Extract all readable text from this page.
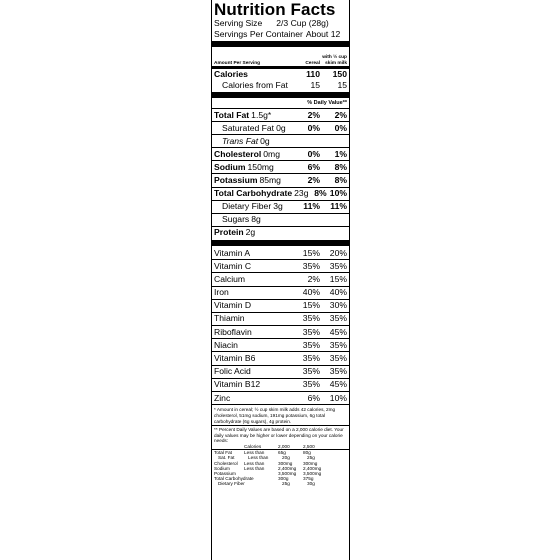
Nutrition Facts
Serving Size 2/3 Cup (28g)
Servings Per Container About 12
Amount Per Serving	Cereal
with ½ cup skim milk
Calories	110	150
Calories from Fat	15	15
% Daily Value**
Total Fat 1.5g*	2%	2%
Saturated Fat 0g	0%	0%
Trans Fat 0g
Cholesterol 0mg	0%	1%
Sodium 150mg	6%	8%
Potassium 85mg	2%	8%
Total Carbohydrate 23g 8% 10%
Dietary Fiber 3g	11%	11%
Sugars 8g
Protein 2g
Vitamin A	15%	20%
Vitamin C	35%	35%
Calcium	2%	15%
Iron	40%	40%
Vitamin D	15%	30%
Thiamin	35%	35%
Riboflavin	35%	45%
Niacin	35%	35%
Vitamin B6	35%	35%
Folic Acid	35%	35%
Vitamin B12	35%	45%
Zinc	6%	10%
* Amount in cereal; ½ cup skim milk adds 42 calories, 2mg cholesterol, 51mg sodium, 191mg potassium, 6g total carbohydrate (6g sugars), 4g protein.
** Percent Daily Values are based on a 2,000 calorie diet. Your daily values may be higher or lower depending on your calorie needs:
Calories	2,000	2,500
Total Fat	Less than	65g	80g
Sat. Fat	Less than	20g	25g
Cholesterol	Less than	300mg	300mg
Sodium	Less than	2,400mg	2,400mg
Potassium	3,500mg	3,500mg
Total Carbohydrate	300g	375g
Dietary Fiber	25g	30g
